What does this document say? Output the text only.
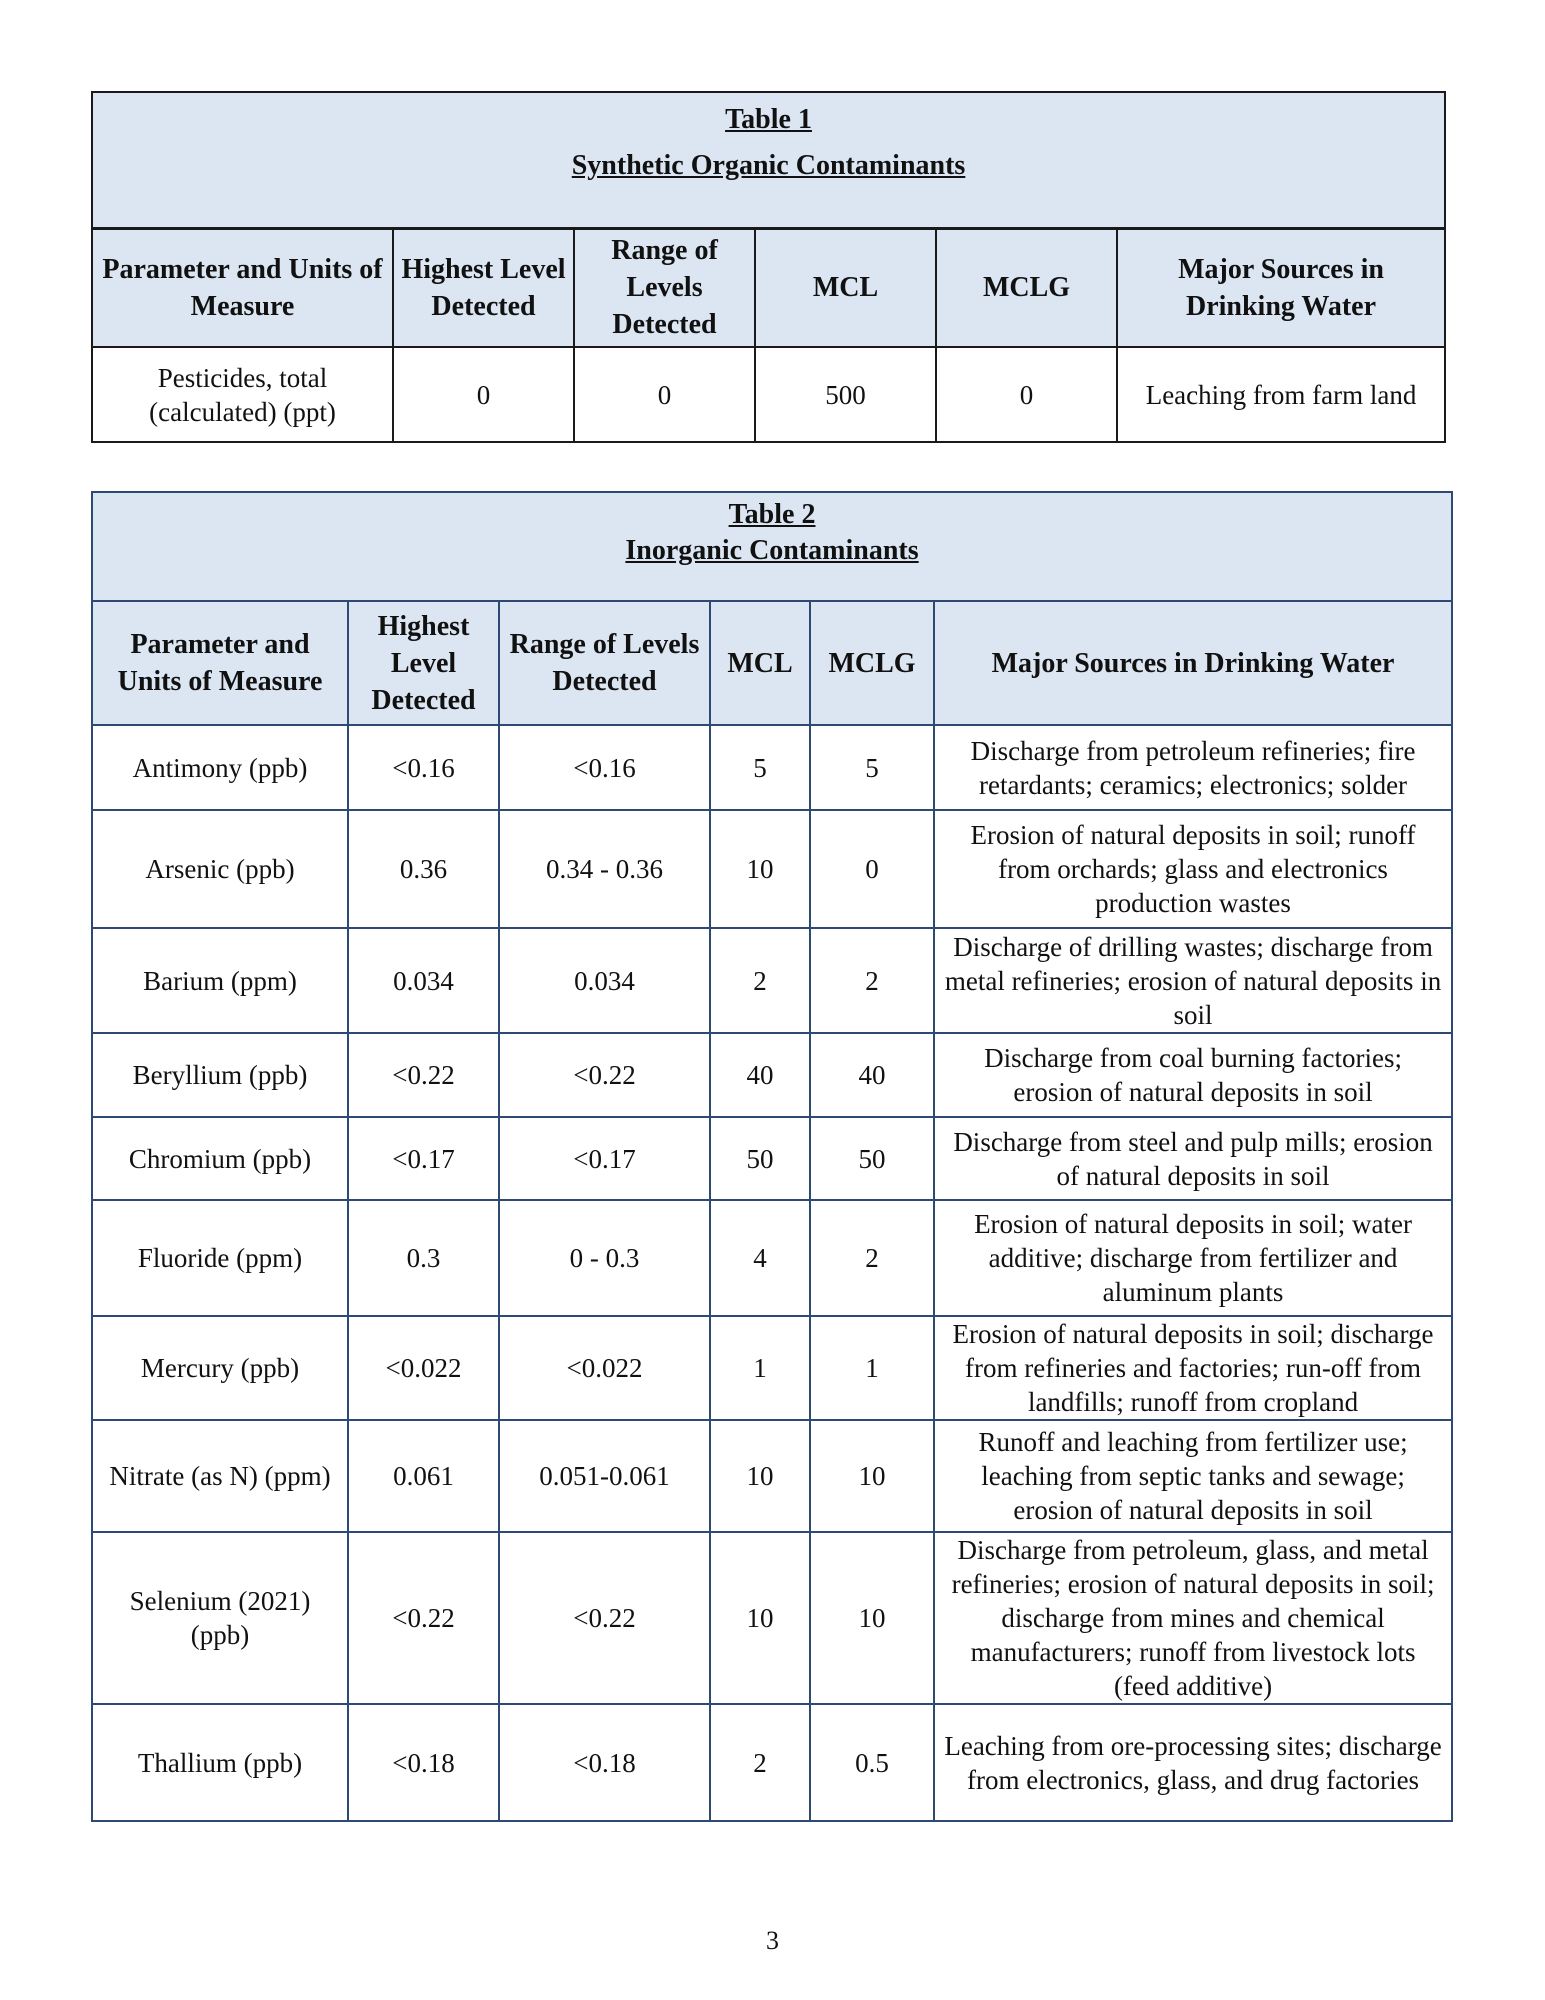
Table 1
Synthetic Organic Contaminants					

Parameter and Units of Measure	Highest Level Detected	Range of Levels Detected	MCL	MCLG	Major Sources in Drinking Water
Pesticides, total (calculated) (ppt)	0	0	500	0	Leaching from farm land
Table 2
Inorganic Contaminants					

Parameter and Units of Measure	Highest Level Detected	Range of Levels Detected	MCL	MCLG	Major Sources in Drinking Water
Antimony (ppb)	<0.16	<0.16	5	5	Discharge from petroleum refineries; fire retardants; ceramics; electronics; solder
Arsenic (ppb)	0.36	0.34 - 0.36	10	0	Erosion of natural deposits in soil; runoff from orchards; glass and electronics production wastes
Barium (ppm)	0.034	0.034	2	2	Discharge of drilling wastes; discharge from metal refineries; erosion of natural deposits in soil
Beryllium (ppb)	<0.22	<0.22	40	40	Discharge from coal burning factories; erosion of natural deposits in soil
Chromium (ppb)	<0.17	<0.17	50	50	Discharge from steel and pulp mills; erosion of natural deposits in soil
Fluoride (ppm)	0.3	0 - 0.3	4	2	Erosion of natural deposits in soil; water additive; discharge from fertilizer and aluminum plants
Mercury (ppb)	<0.022	<0.022	1	1	Erosion of natural deposits in soil; discharge from refineries and factories; run-off from landfills; runoff from cropland
Nitrate (as N) (ppm)	0.061	0.051-0.061	10	10	Runoff and leaching from fertilizer use; leaching from septic tanks and sewage; erosion of natural deposits in soil
Selenium (2021) (ppb)	<0.22	<0.22	10	10	Discharge from petroleum, glass, and metal refineries; erosion of natural deposits in soil; discharge from mines and chemical manufacturers; runoff from livestock lots (feed additive)
Thallium (ppb)	<0.18	<0.18	2	0.5	Leaching from ore-processing sites; discharge from electronics, glass, and drug factories
3
